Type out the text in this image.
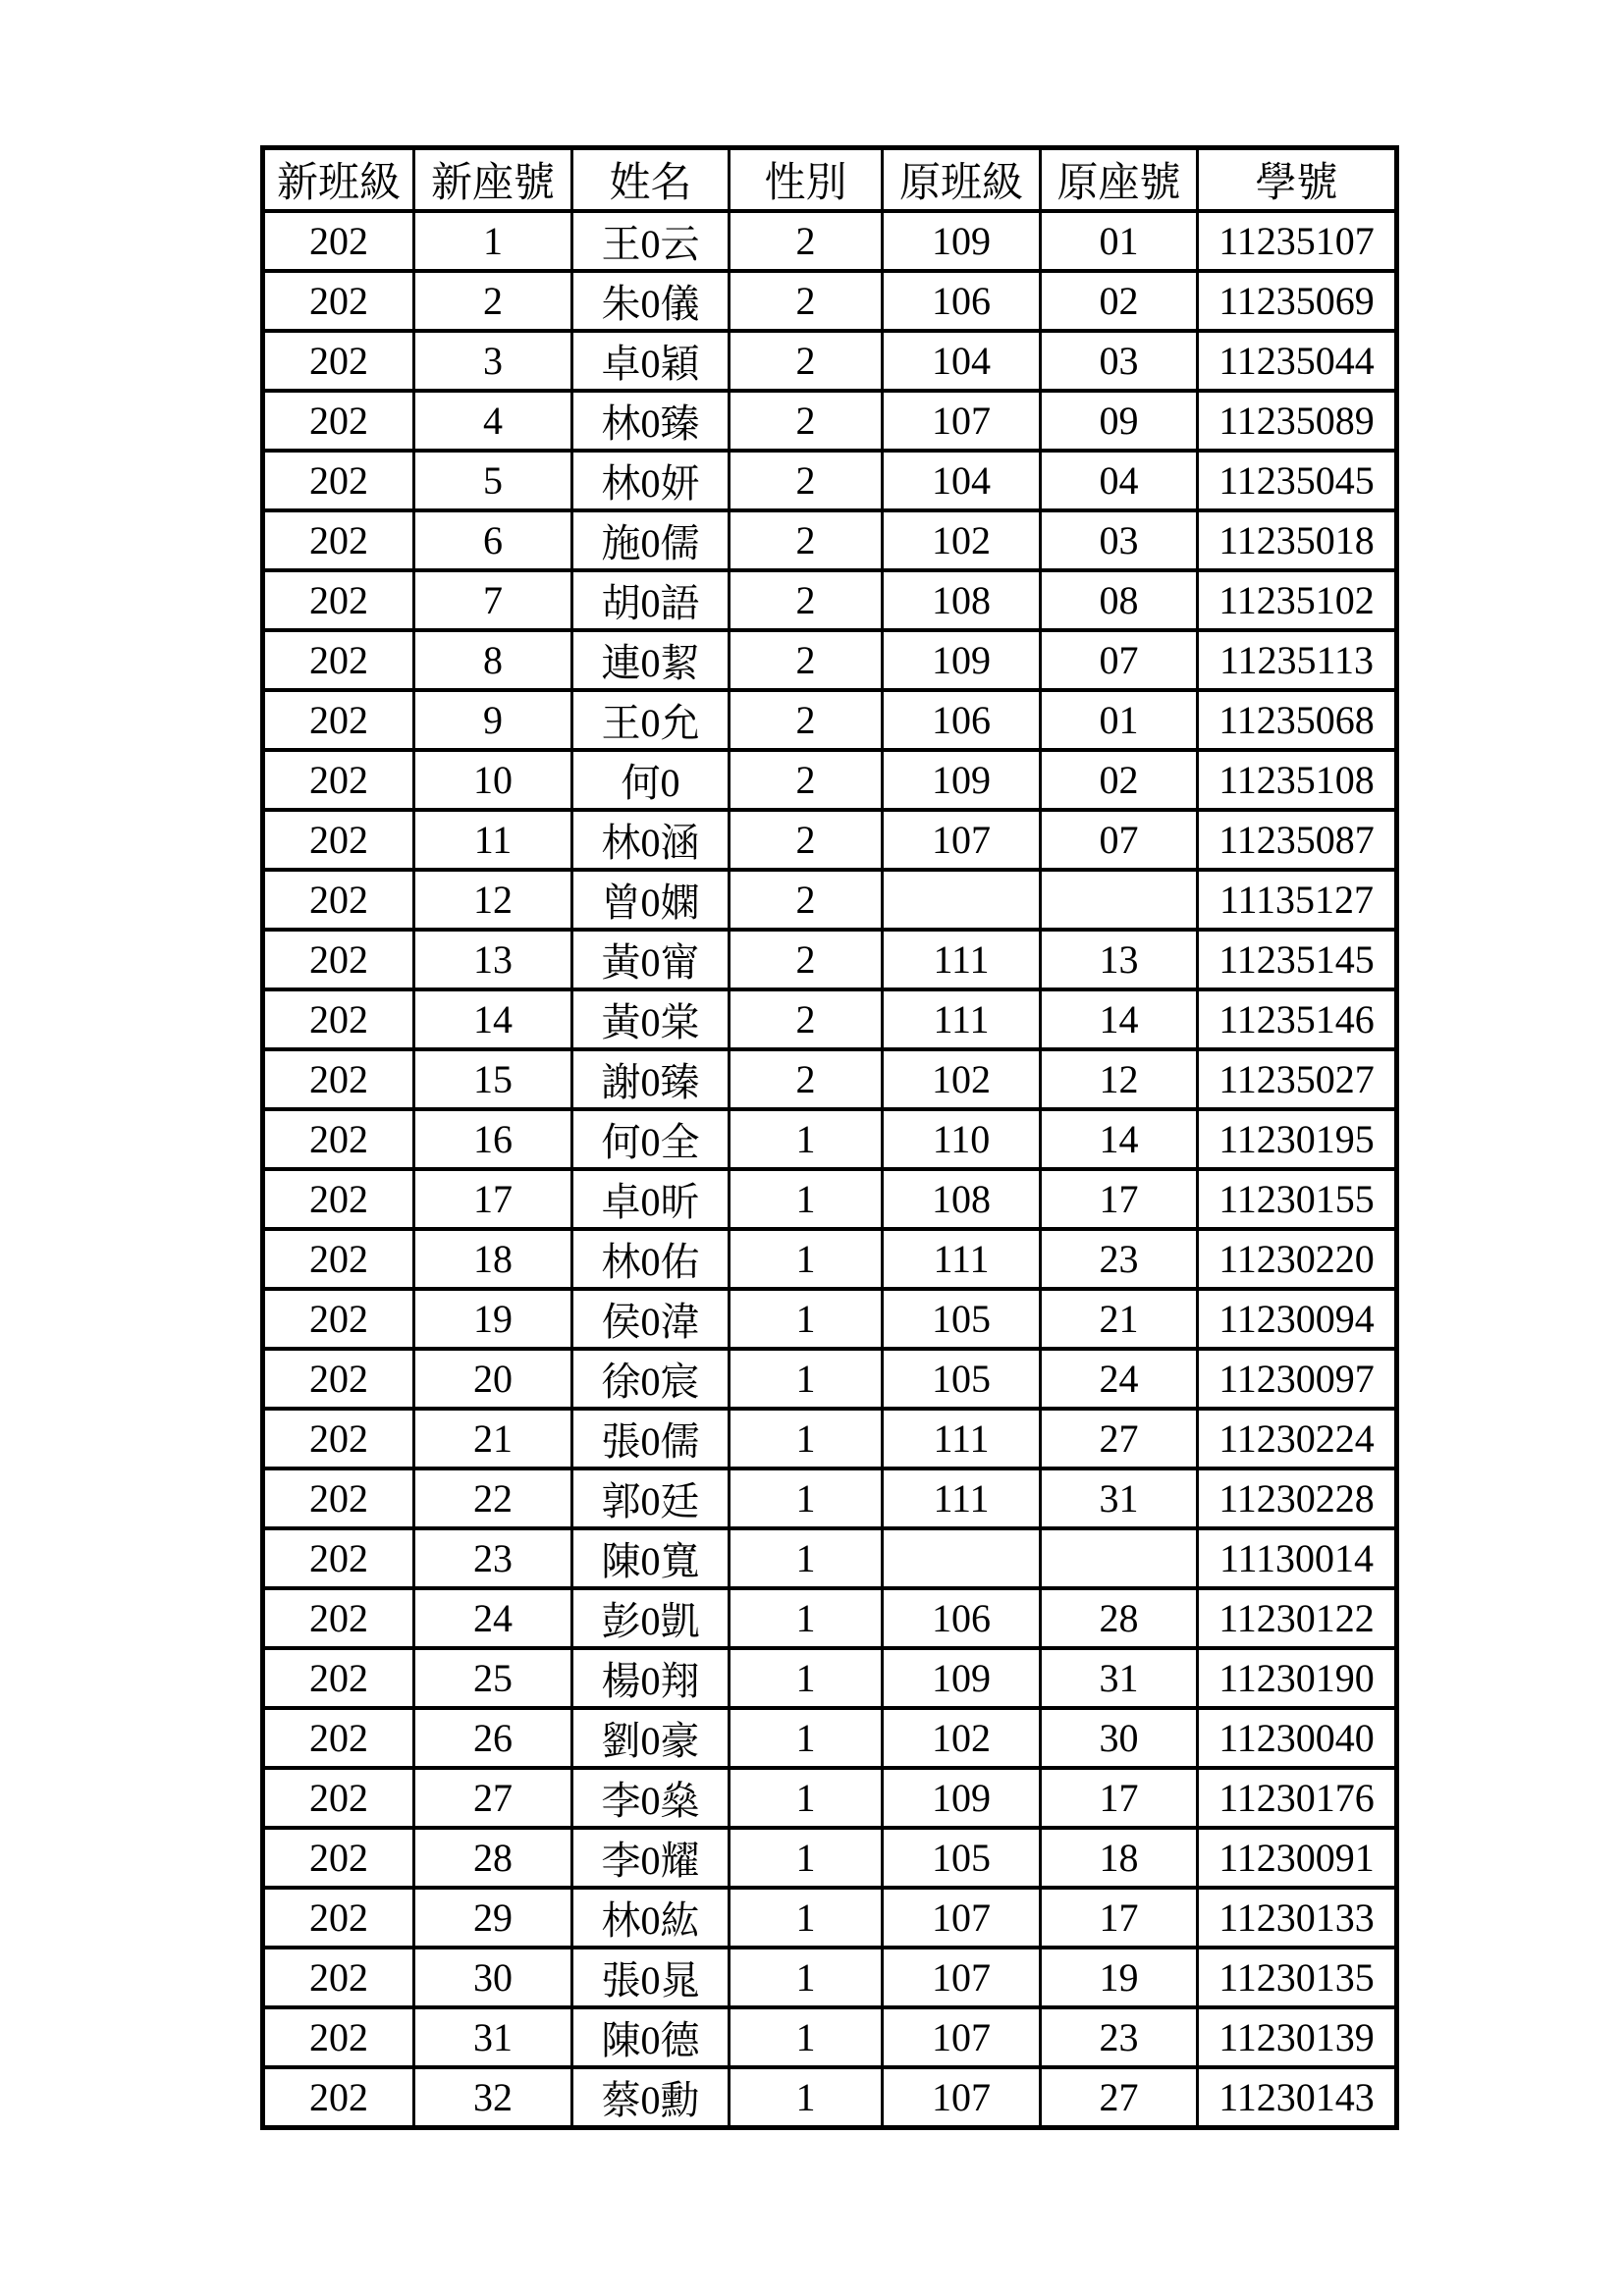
新班級	新座號	姓名	性別	原班級	原座號	學號
202	1	王0云	2	109	01	11235107
202	2	朱0儀	2	106	02	11235069
202	3	卓0穎	2	104	03	11235044
202	4	林0臻	2	107	09	11235089
202	5	林0妍	2	104	04	11235045
202	6	施0儒	2	102	03	11235018
202	7	胡0語	2	108	08	11235102
202	8	連0絜	2	109	07	11235113
202	9	王0允	2	106	01	11235068
202	10	何0	2	109	02	11235108
202	11	林0涵	2	107	07	11235087
202	12	曾0嫻	2			11135127
202	13	黃0甯	2	111	13	11235145
202	14	黃0棠	2	111	14	11235146
202	15	謝0臻	2	102	12	11235027
202	16	何0全	1	110	14	11230195
202	17	卓0昕	1	108	17	11230155
202	18	林0佑	1	111	23	11230220
202	19	侯0湋	1	105	21	11230094
202	20	徐0宸	1	105	24	11230097
202	21	張0儒	1	111	27	11230224
202	22	郭0廷	1	111	31	11230228
202	23	陳0寬	1			11130014
202	24	彭0凱	1	106	28	11230122
202	25	楊0翔	1	109	31	11230190
202	26	劉0豪	1	102	30	11230040
202	27	李0燊	1	109	17	11230176
202	28	李0耀	1	105	18	11230091
202	29	林0紘	1	107	17	11230133
202	30	張0晁	1	107	19	11230135
202	31	陳0德	1	107	23	11230139
202	32	蔡0勳	1	107	27	11230143
